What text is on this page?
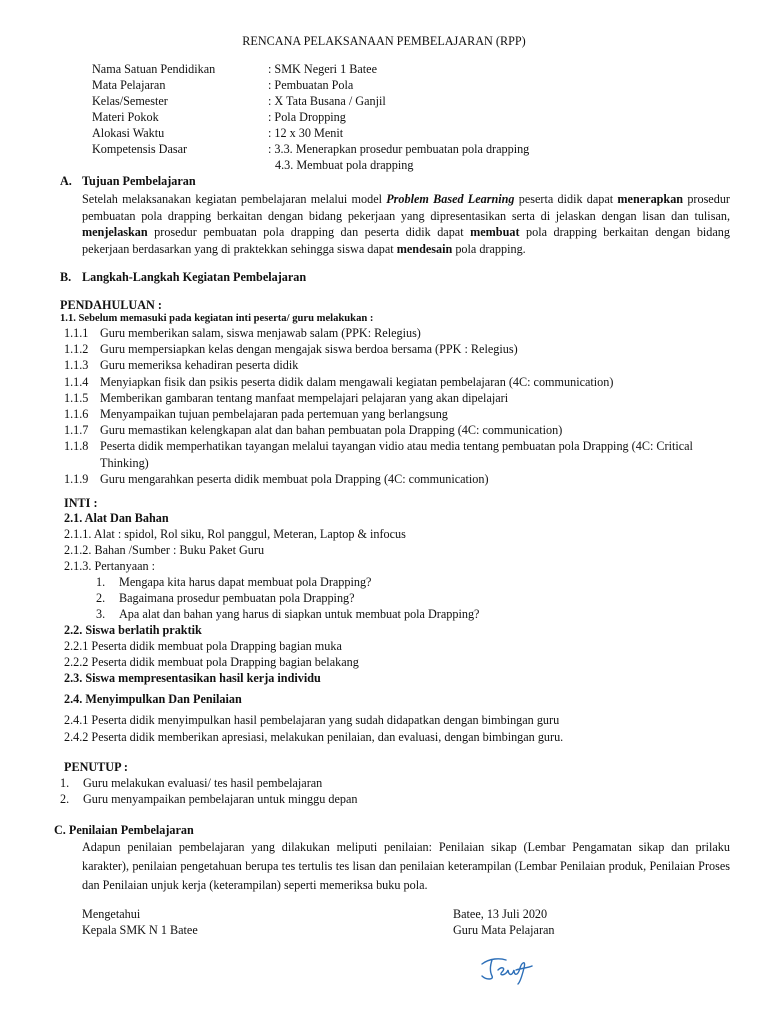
RENCANA PELAKSANAAN PEMBELAJARAN (RPP)
Nama Satuan Pendidikan	: SMK Negeri 1 Batee
Mata Pelajaran	: Pembuatan Pola
Kelas/Semester	: X Tata Busana / Ganjil
Materi Pokok	: Pola Dropping
Alokasi Waktu	: 12 x 30 Menit
Kompetensis Dasar	: 3.3. Menerapkan prosedur pembuatan pola drapping
4.3. Membuat pola drapping
A. Tujuan Pembelajaran
Setelah melaksanakan kegiatan pembelajaran melalui model Problem Based Learning peserta didik dapat menerapkan prosedur pembuatan pola drapping berkaitan dengan bidang pekerjaan yang dipresentasikan serta di jelaskan dengan lisan dan tulisan, menjelaskan prosedur pembuatan pola drapping dan peserta didik dapat membuat pola drapping berkaitan dengan bidang pekerjaan berdasarkan yang di praktekkan sehingga siswa dapat mendesain pola drapping.
B. Langkah-Langkah Kegiatan Pembelajaran
PENDAHULUAN :
1.1. Sebelum memasuki pada kegiatan inti peserta/ guru melakukan :
1.1.1 Guru memberikan salam, siswa menjawab salam (PPK: Relegius)
1.1.2 Guru mempersiapkan kelas dengan mengajak siswa berdoa bersama (PPK : Relegius)
1.1.3 Guru memeriksa kehadiran peserta didik
1.1.4 Menyiapkan fisik dan psikis peserta didik dalam mengawali kegiatan pembelajaran (4C: communication)
1.1.5 Memberikan gambaran tentang manfaat mempelajari pelajaran yang akan dipelajari
1.1.6 Menyampaikan tujuan pembelajaran pada pertemuan yang berlangsung
1.1.7 Guru memastikan kelengkapan alat dan bahan pembuatan pola Drapping (4C: communication)
1.1.8 Peserta didik memperhatikan tayangan melalui tayangan vidio atau media tentang pembuatan pola Drapping (4C: Critical
Thinking)
1.1.9 Guru mengarahkan peserta didik membuat pola Drapping (4C: communication)
INTI :
2.1. Alat Dan Bahan
2.1.1. Alat : spidol, Rol siku, Rol panggul, Meteran, Laptop & infocus
2.1.2. Bahan /Sumber : Buku Paket Guru
2.1.3. Pertanyaan :
1. Mengapa kita harus dapat membuat pola Drapping?
2. Bagaimana prosedur pembuatan pola Drapping?
3. Apa alat dan bahan yang harus di siapkan untuk membuat pola Drapping?
2.2. Siswa berlatih praktik
2.2.1 Peserta didik membuat pola Drapping bagian muka
2.2.2 Peserta didik membuat pola Drapping bagian belakang
2.3. Siswa mempresentasikan hasil kerja individu
2.4. Menyimpulkan Dan Penilaian
2.4.1 Peserta didik menyimpulkan hasil pembelajaran yang sudah didapatkan dengan bimbingan guru
2.4.2 Peserta didik memberikan apresiasi, melakukan penilaian, dan evaluasi, dengan bimbingan guru.
PENUTUP :
1. Guru melakukan evaluasi/ tes hasil pembelajaran
2. Guru menyampaikan pembelajaran untuk minggu depan
C. Penilaian Pembelajaran
Adapun penilaian pembelajaran yang dilakukan meliputi penilaian: Penilaian sikap (Lembar Pengamatan sikap dan prilaku karakter), penilaian pengetahuan berupa tes tertulis tes lisan dan penilaian keterampilan (Lembar Penilaian produk, Penilaian Proses dan Penilaian unjuk kerja (keterampilan) seperti memeriksa buku pola.
Mengetahui
Kepala SMK N 1 Batee
Batee, 13 Juli 2020
Guru Mata Pelajaran
